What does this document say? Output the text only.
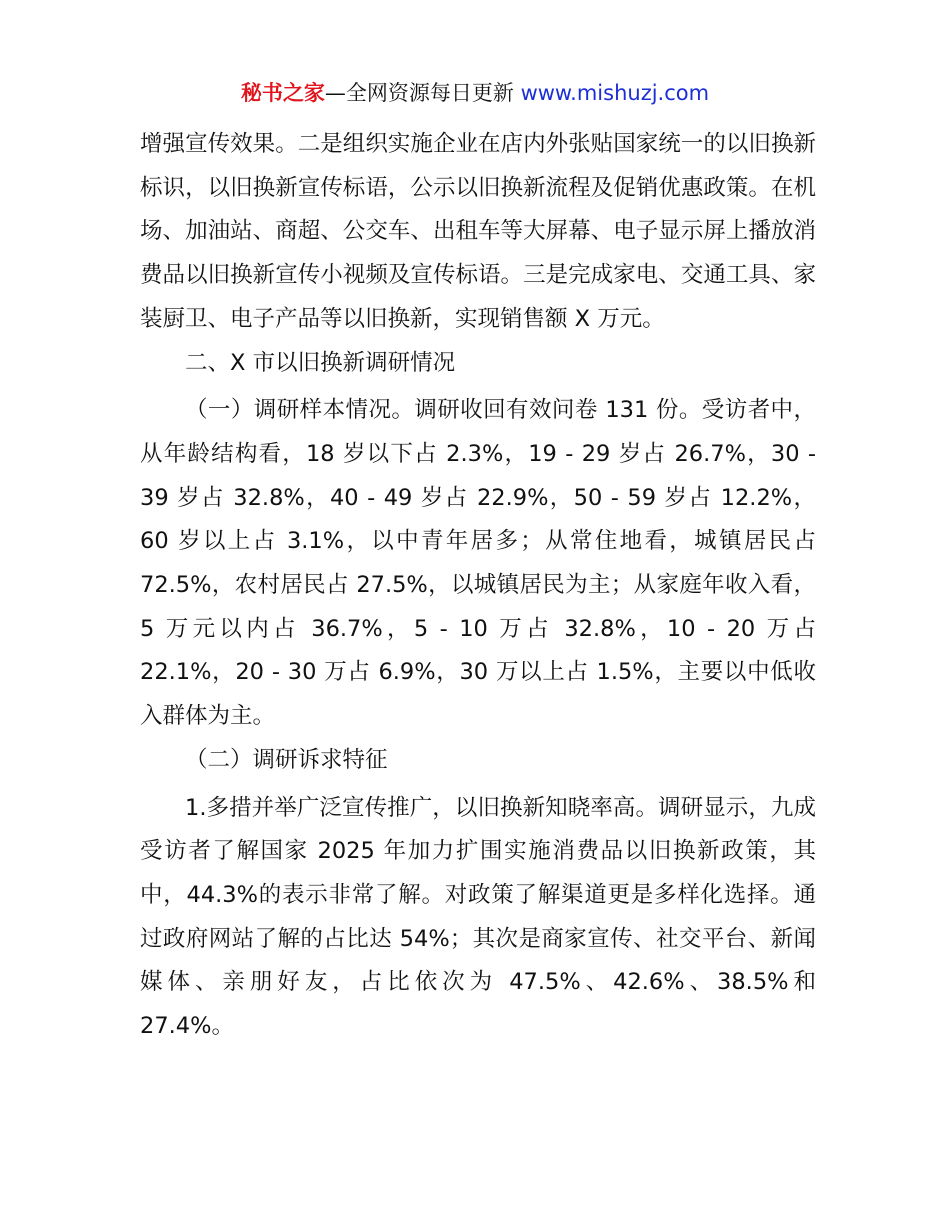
秘书之家—全网资源每日更新 www.mishuzj.com

增强宣传效果。二是组织实施企业在店内外张贴国家统一的以旧换新标识，以旧换新宣传标语，公示以旧换新流程及促销优惠政策。在机场、加油站、商超、公交车、出租车等大屏幕、电子显示屏上播放消费品以旧换新宣传小视频及宣传标语。三是完成家电、交通工具、家装厨卫、电子产品等以旧换新，实现销售额 X 万元。

二、X 市以旧换新调研情况

（一）调研样本情况。调研收回有效问卷 131 份。受访者中，从年龄结构看，18 岁以下占 2.3%，19 - 29 岁占 26.7%，30 - 39 岁占 32.8%，40 - 49 岁占 22.9%，50 - 59 岁占 12.2%，60 岁以上占 3.1%，以中青年居多；从常住地看，城镇居民占 72.5%，农村居民占 27.5%，以城镇居民为主；从家庭年收入看，5 万元以内占 36.7%，5 - 10 万占 32.8%，10 - 20 万占 22.1%，20 - 30 万占 6.9%，30 万以上占 1.5%，主要以中低收入群体为主。

（二）调研诉求特征

1.多措并举广泛宣传推广，以旧换新知晓率高。调研显示，九成受访者了解国家 2025 年加力扩围实施消费品以旧换新政策，其中，44.3%的表示非常了解。对政策了解渠道更是多样化选择。通过政府网站了解的占比达 54%；其次是商家宣传、社交平台、新闻媒体、亲朋好友，占比依次为 47.5%、42.6%、38.5%和 27.4%。
